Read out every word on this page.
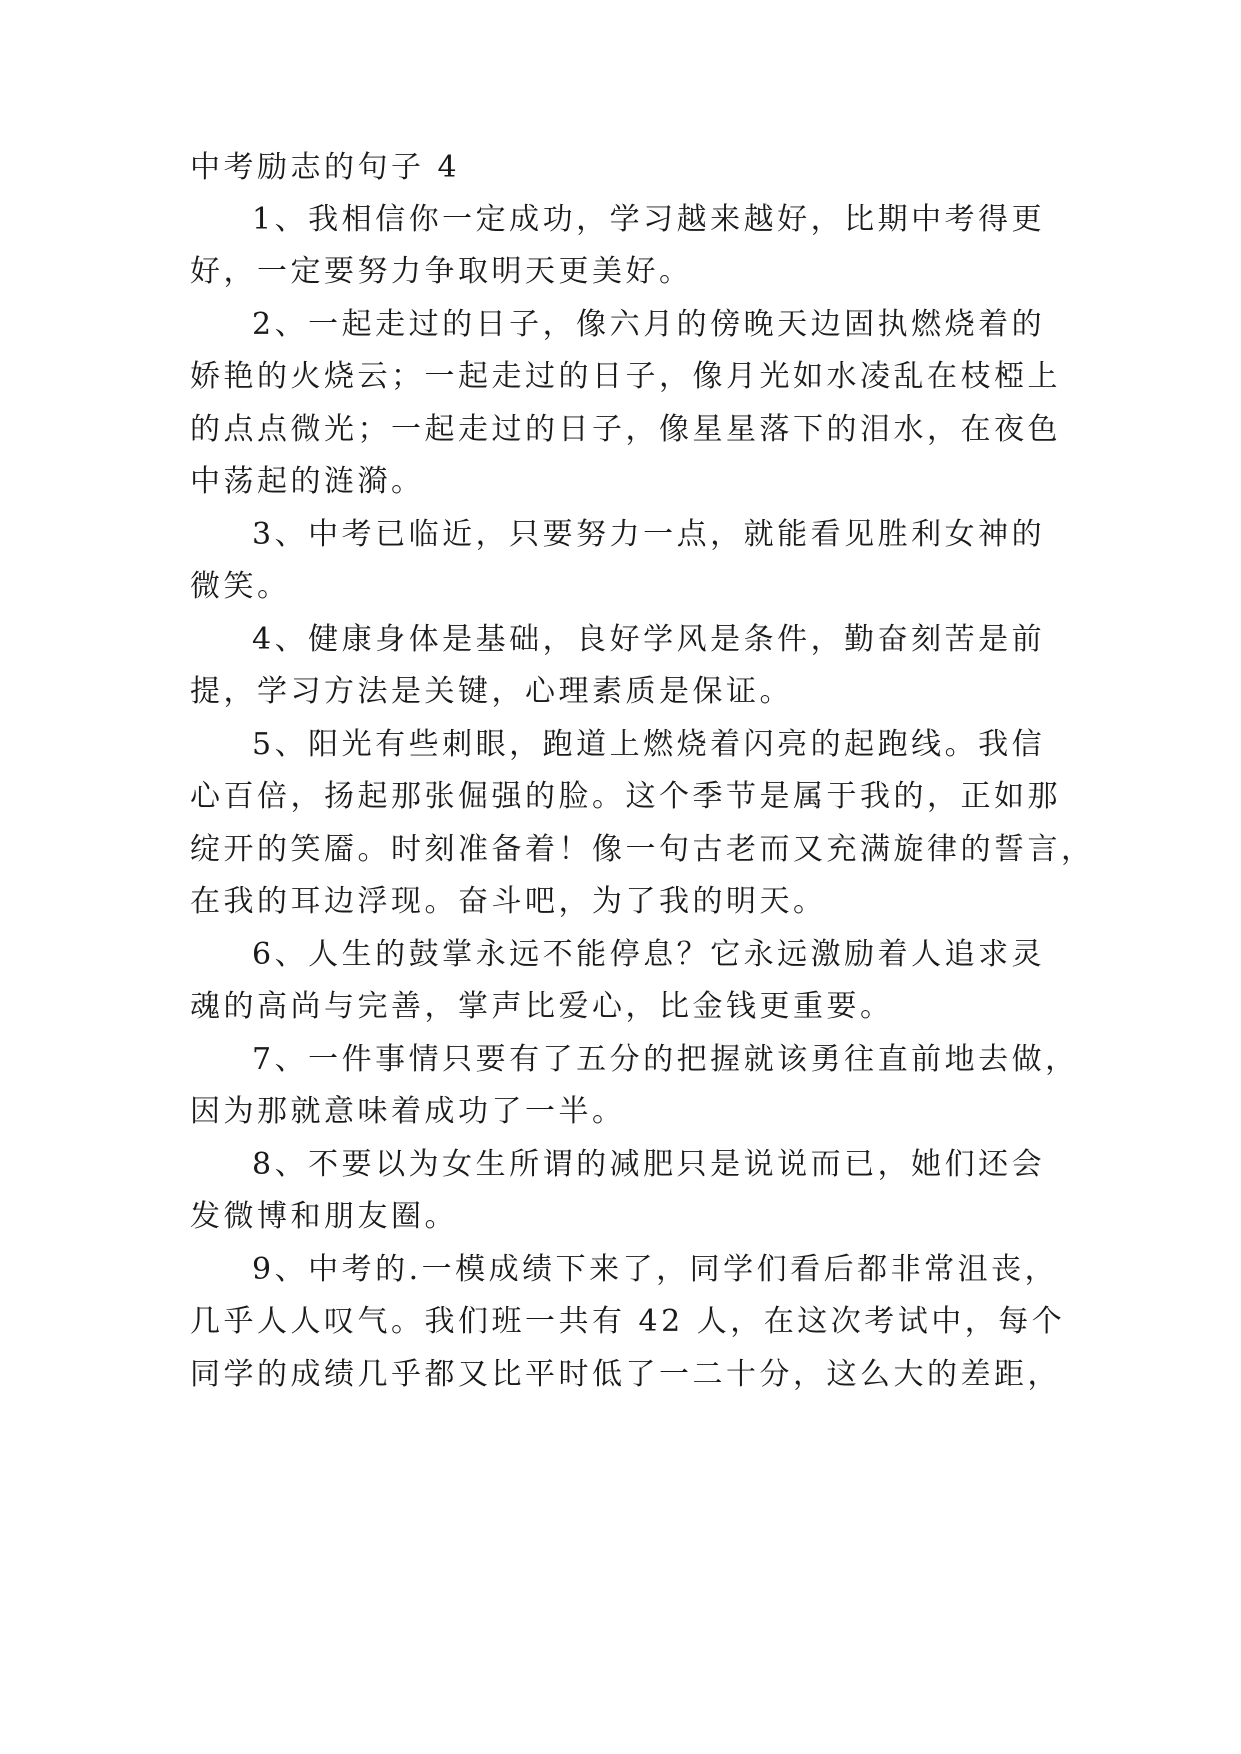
中考励志的句子 4

1、我相信你一定成功，学习越来越好，比期中考得更

好，一定要努力争取明天更美好。

2、一起走过的日子，像六月的傍晚天边固执燃烧着的

娇艳的火烧云；一起走过的日子，像月光如水凌乱在枝椏上

的点点微光；一起走过的日子，像星星落下的泪水，在夜色

中荡起的涟漪。

3、中考已临近，只要努力一点，就能看见胜利女神的

微笑。

4、健康身体是基础，良好学风是条件，勤奋刻苦是前

提，学习方法是关键，心理素质是保证。

5、阳光有些刺眼，跑道上燃烧着闪亮的起跑线。我信

心百倍，扬起那张倔强的脸。这个季节是属于我的，正如那

绽开的笑靥。时刻准备着！像一句古老而又充满旋律的誓言，

在我的耳边浮现。奋斗吧，为了我的明天。

6、人生的鼓掌永远不能停息？它永远激励着人追求灵

魂的高尚与完善，掌声比爱心，比金钱更重要。

7、一件事情只要有了五分的把握就该勇往直前地去做，

因为那就意味着成功了一半。

8、不要以为女生所谓的减肥只是说说而已，她们还会

发微博和朋友圈。

9、中考的.一模成绩下来了，同学们看后都非常沮丧，

几乎人人叹气。我们班一共有 42 人，在这次考试中，每个

同学的成绩几乎都又比平时低了一二十分，这么大的差距，
